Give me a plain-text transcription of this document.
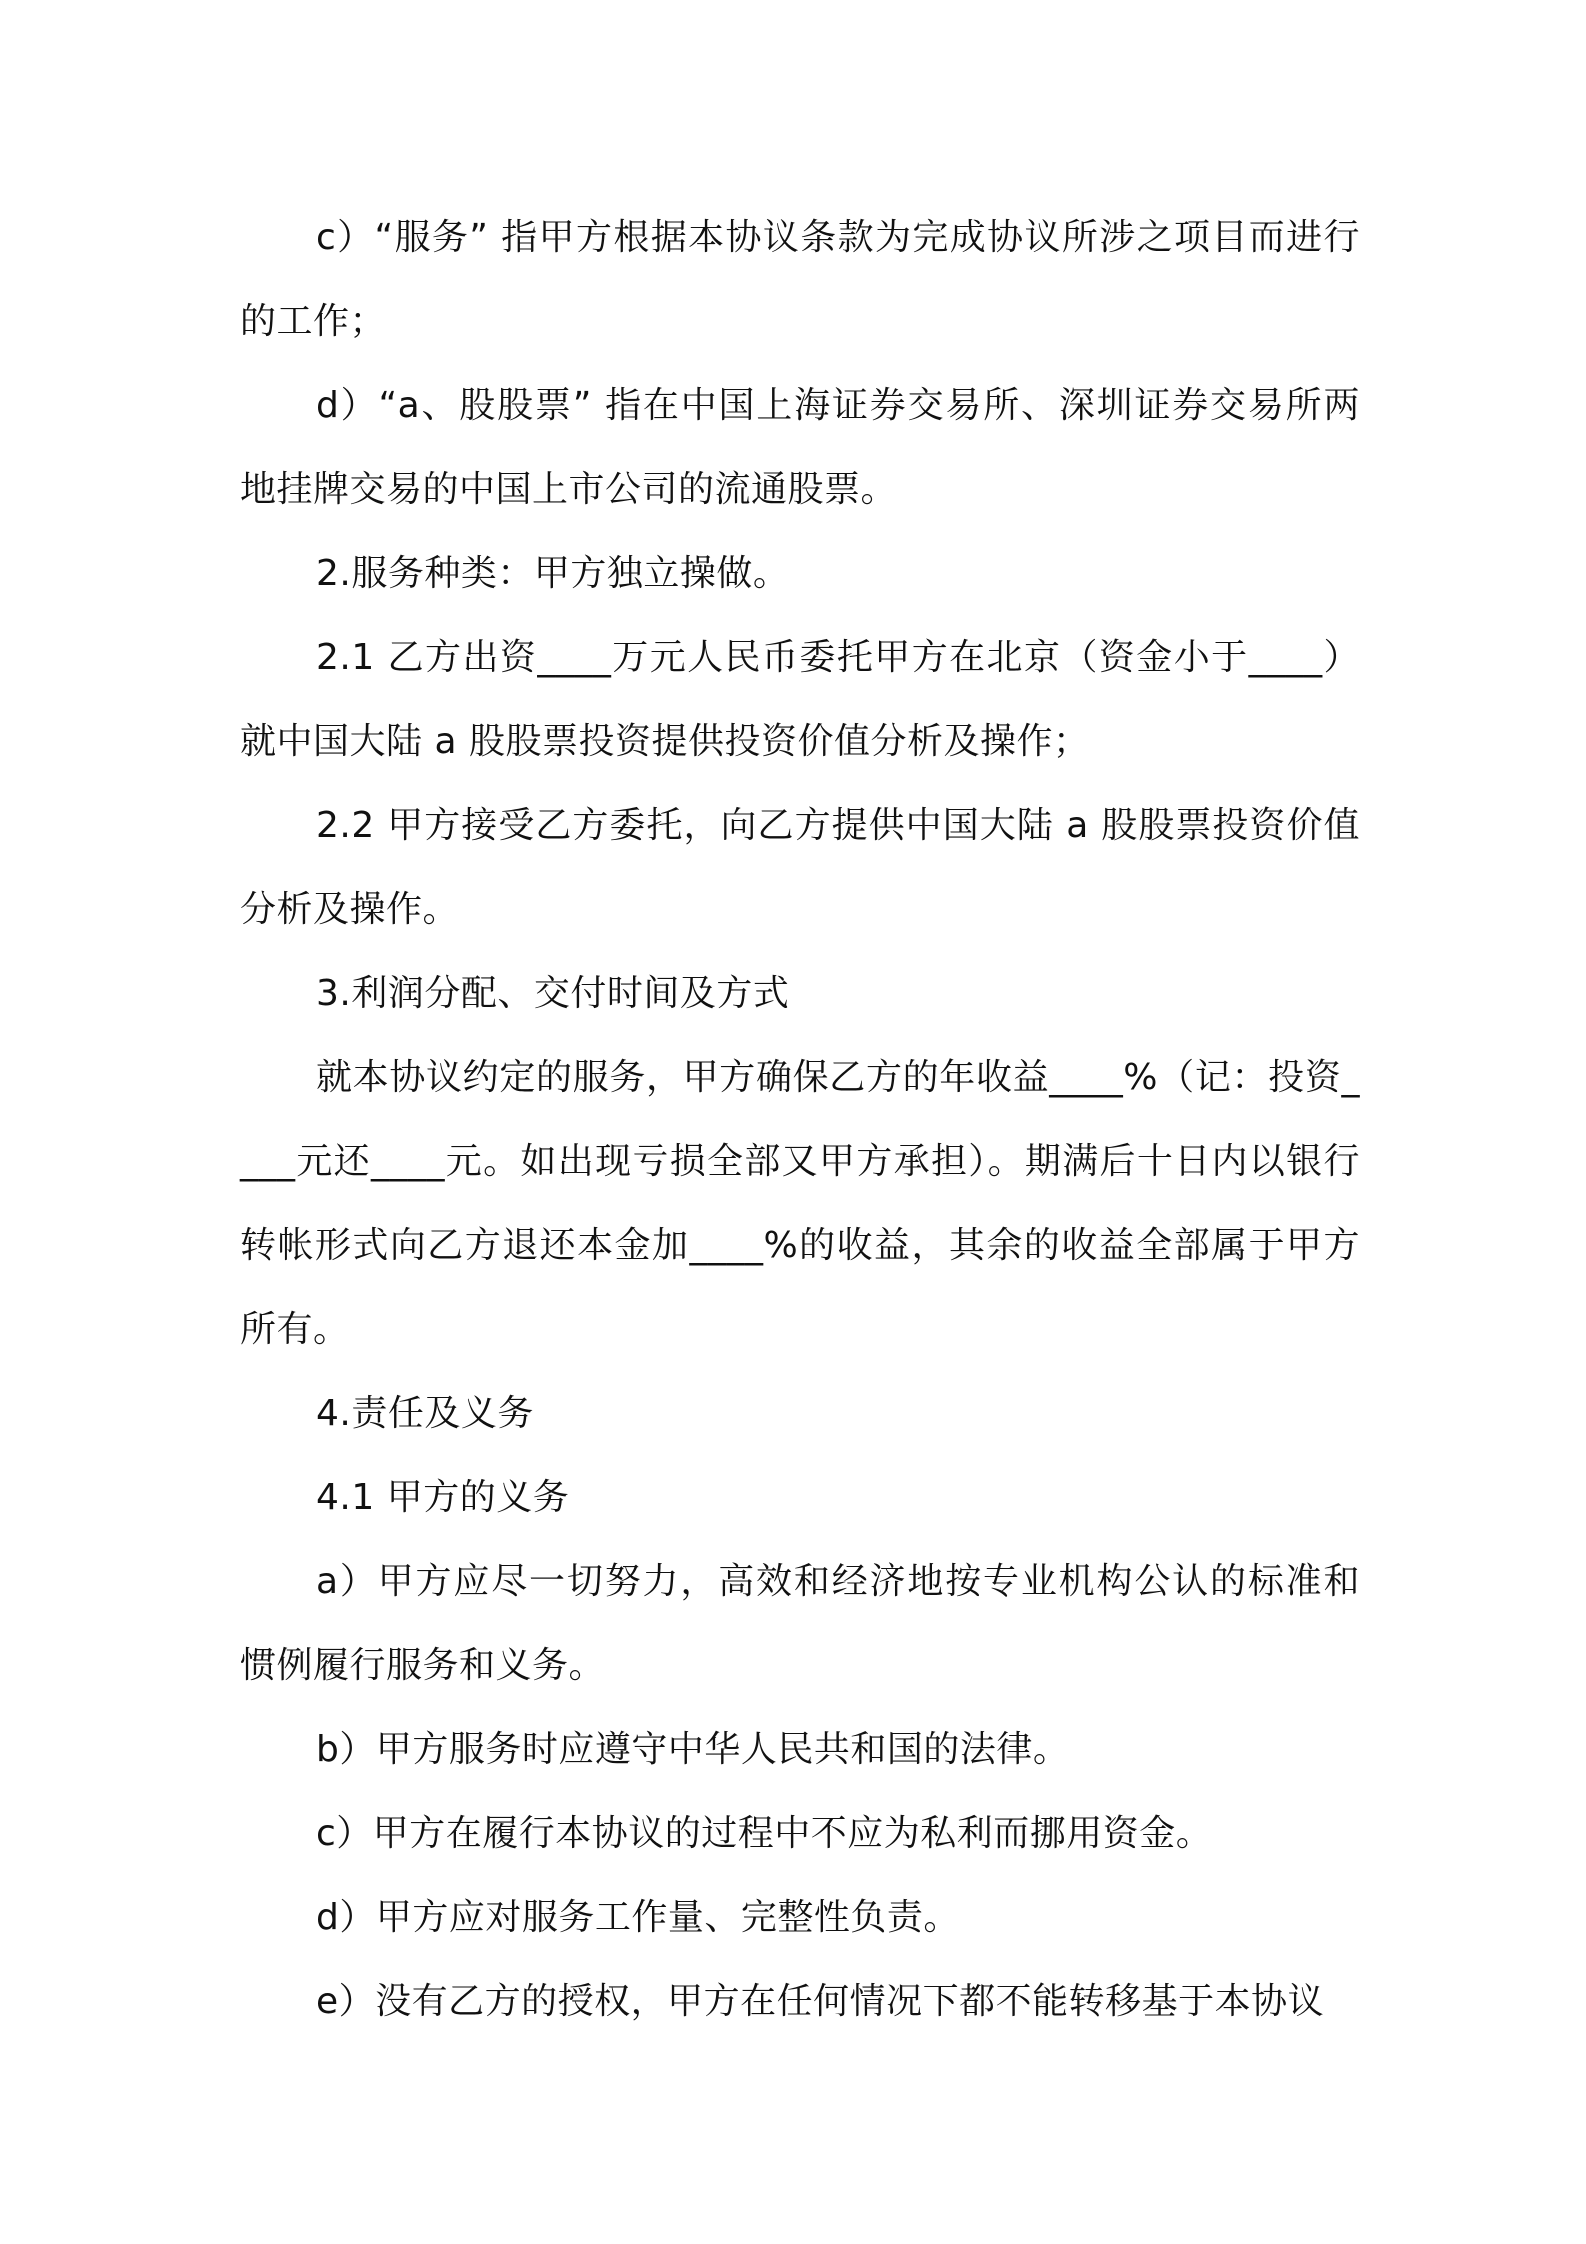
c）“服务” 指甲方根据本协议条款为完成协议所涉之项目而进行的工作；

d）“a、股股票” 指在中国上海证券交易所、深圳证券交易所两地挂牌交易的中国上市公司的流通股票。

2.服务种类：甲方独立操做。

2.1 乙方出资____万元人民币委托甲方在北京（资金小于____）就中国大陆 a 股股票投资提供投资价值分析及操作；

2.2 甲方接受乙方委托，向乙方提供中国大陆 a 股股票投资价值分析及操作。

3.利润分配、交付时间及方式

就本协议约定的服务，甲方确保乙方的年收益____%（记：投资____元还____元。如出现亏损全部又甲方承担）。期满后十日内以银行转帐形式向乙方退还本金加____%的收益，其余的收益全部属于甲方所有。

4.责任及义务

4.1 甲方的义务

a）甲方应尽一切努力，高效和经济地按专业机构公认的标准和惯例履行服务和义务。

b）甲方服务时应遵守中华人民共和国的法律。

c）甲方在履行本协议的过程中不应为私利而挪用资金。

d）甲方应对服务工作量、完整性负责。

e）没有乙方的授权，甲方在任何情况下都不能转移基于本协议
